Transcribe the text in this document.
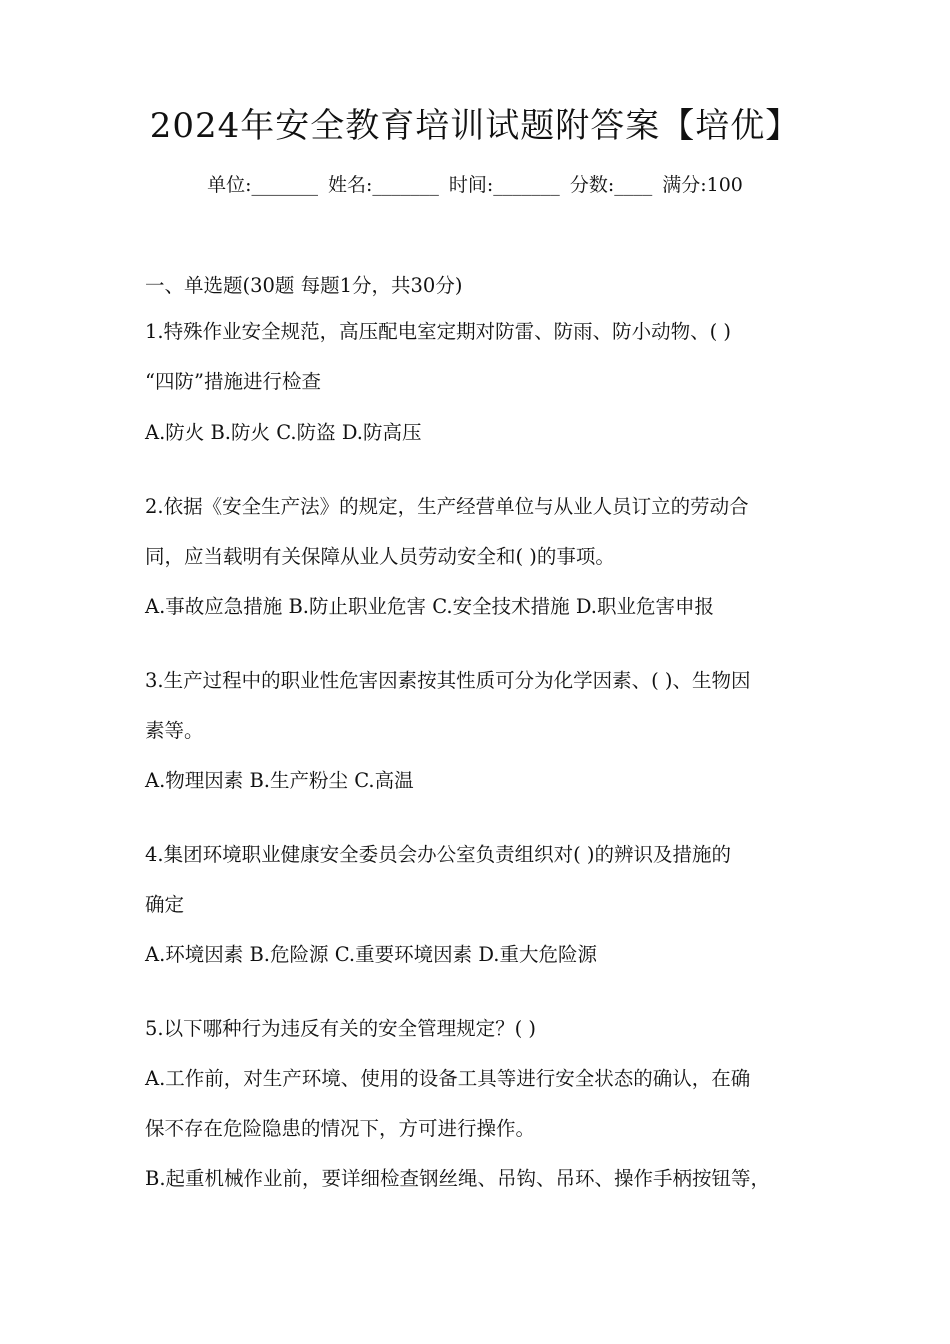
2024年安全教育培训试题附答案【培优】
单位:_______ 姓名:_______ 时间:_______ 分数:____ 满分:100
一、单选题(30题 每题1分，共30分)
1.特殊作业安全规范，高压配电室定期对防雷、防雨、防小动物、( )
“四防”措施进行检查
A.防火 B.防火 C.防盗 D.防高压
2.依据《安全生产法》的规定，生产经营单位与从业人员订立的劳动合
同，应当载明有关保障从业人员劳动安全和( )的事项。
A.事故应急措施 B.防止职业危害 C.安全技术措施 D.职业危害申报
3.生产过程中的职业性危害因素按其性质可分为化学因素、( )、生物因
素等。
A.物理因素 B.生产粉尘 C.高温
4.集团环境职业健康安全委员会办公室负责组织对( )的辨识及措施的
确定
A.环境因素 B.危险源 C.重要环境因素 D.重大危险源
5.以下哪种行为违反有关的安全管理规定？( )
A.工作前，对生产环境、使用的设备工具等进行安全状态的确认，在确
保不存在危险隐患的情况下，方可进行操作。
B.起重机械作业前，要详细检查钢丝绳、吊钩、吊环、操作手柄按钮等，
